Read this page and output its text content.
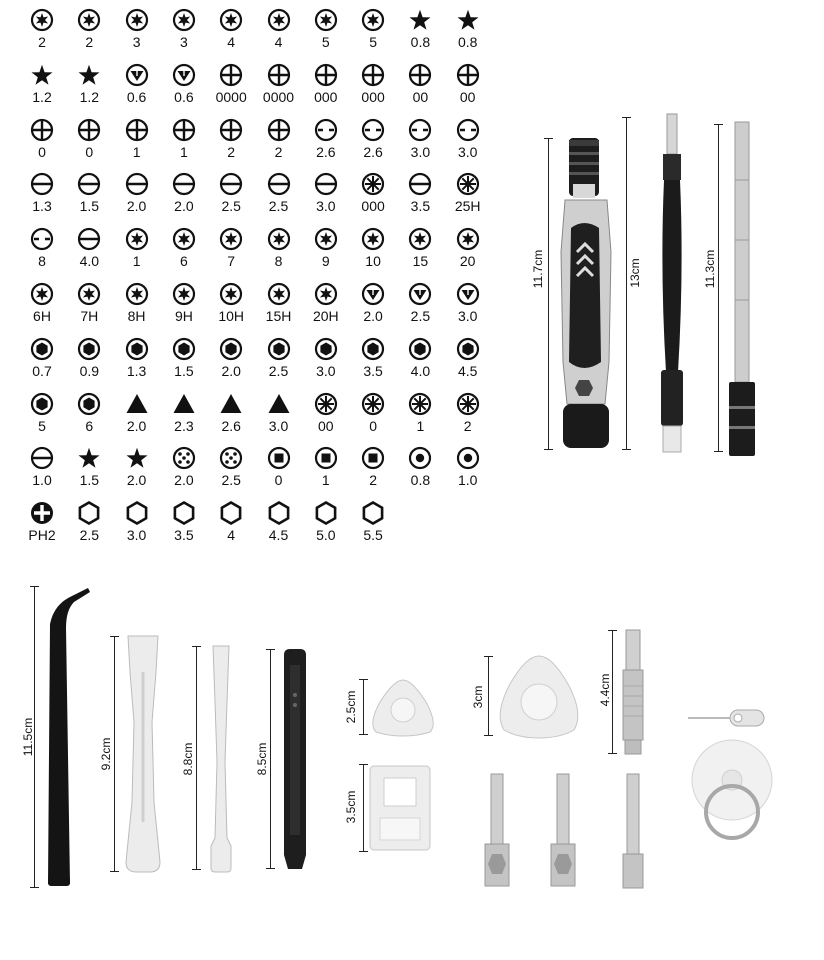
2	2	3	3	4	4	5	5	0.8	0.8
1.2	1.2	0.6	0.6	0000	0000	000	000	00	00
0	0	1	1	2	2	2.6	2.6	3.0	3.0
1.3	1.5	2.0	2.0	2.5	2.5	3.0	000	3.5	25H
8	4.0	1	6	7	8	9	10	15	20
6H	7H	8H	9H	10H	15H	20H	2.0	2.5	3.0
0.7	0.9	1.3	1.5	2.0	2.5	3.0	3.5	4.0	4.5
5	6	2.0	2.3	2.6	3.0	00	0	1	2
1.0	1.5	2.0	2.0	2.5	0	1	2	0.8	1.0
PH2	2.5	3.0	3.5	4	4.5	5.0	5.5
11.7cm	13cm	11.3cm
11.5cm	9.2cm	8.8cm	8.5cm
2.5cm
3.5cm
3cm	4.4cm
